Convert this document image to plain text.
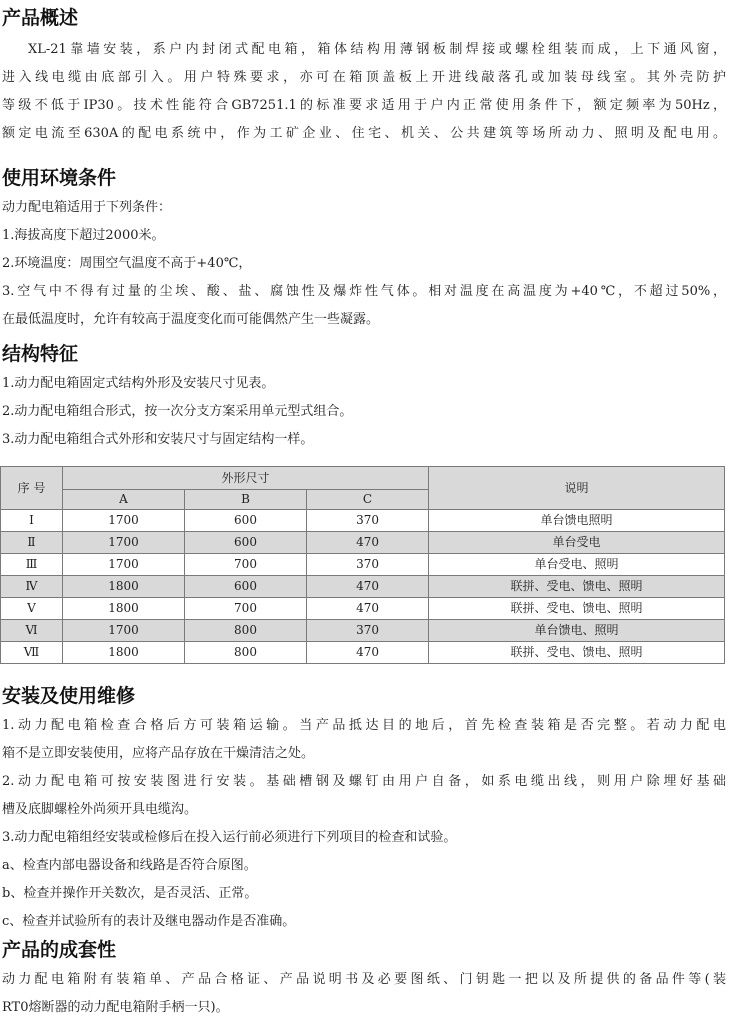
产品概述
XL-21靠墙安装，系户内封闭式配电箱，箱体结构用薄钢板制焊接或螺栓组装而成，上下通风窗，
进入线电缆由底部引入。用户特殊要求，亦可在箱顶盖板上开进线敲落孔或加装母线室。其外壳防护
等级不低于IP30。技术性能符合GB7251.1的标准要求适用于户内正常使用条件下，额定频率为50Hz，
额定电流至630A的配电系统中，作为工矿企业、住宅、机关、公共建筑等场所动力、照明及配电用。
使用环境条件
动力配电箱适用于下列条件：
1.海拔高度下超过2000米。
2.环境温度：周围空气温度不高于+40℃，
3.空气中不得有过量的尘埃、酸、盐、腐蚀性及爆炸性气体。相对温度在高温度为+40℃，不超过50%，
在最低温度时，允许有较高于温度变化而可能偶然产生一些凝露。
结构特征
1.动力配电箱固定式结构外形及安装尺寸见表。
2.动力配电箱组合形式，按一次分支方案采用单元型式组合。
3.动力配电箱组合式外形和安装尺寸与固定结构一样。
序 号	外形尺寸			说明
	A	B	C	
Ⅰ	1700	600	370	单台馈电照明
Ⅱ	1700	600	470	单台受电
Ⅲ	1700	700	370	单台受电、照明
Ⅳ	1800	600	470	联拼、受电、馈电、照明
Ⅴ	1800	700	470	联拼、受电、馈电、照明
Ⅵ	1700	800	370	单台馈电、照明
Ⅶ	1800	800	470	联拼、受电、馈电、照明
安装及使用维修
1.动力配电箱检查合格后方可装箱运输。当产品抵达目的地后，首先检查装箱是否完整。若动力配电
箱不是立即安装使用，应将产品存放在干燥清洁之处。
2.动力配电箱可按安装图进行安装。基础槽钢及螺钉由用户自备，如系电缆出线，则用户除埋好基础
槽及底脚螺栓外尚须开具电缆沟。
3.动力配电箱组经安装或检修后在投入运行前必须进行下列项目的检查和试验。
a、检查内部电器设备和线路是否符合原图。
b、检查并操作开关数次，是否灵活、正常。
c、检查并试验所有的表计及继电器动作是否准确。
产品的成套性
动力配电箱附有装箱单、产品合格证、产品说明书及必要图纸、门钥匙一把以及所提供的备品件等(装
RT0熔断器的动力配电箱附手柄一只)。
